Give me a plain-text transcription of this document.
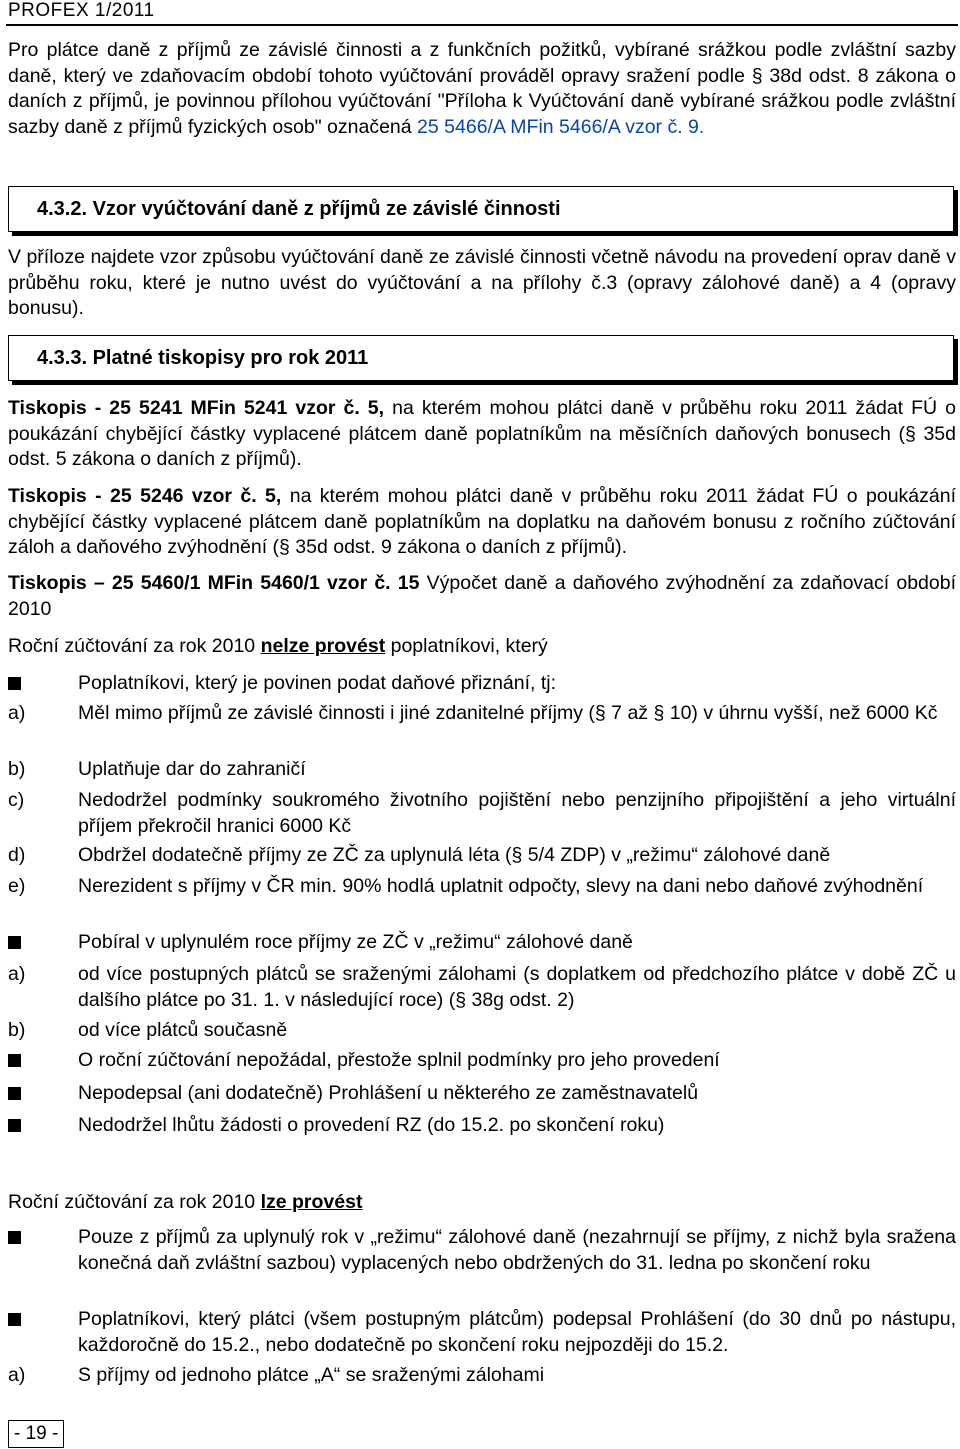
PROFEX 1/2011
Pro plátce daně z příjmů ze závislé činnosti a z funkčních požitků, vybírané srážkou podle zvláštní sazby daně, který ve zdaňovacím období tohoto vyúčtování prováděl opravy sražení podle § 38d odst. 8 zákona o daních z příjmů, je povinnou přílohou vyúčtování "Příloha k Vyúčtování daně vybírané srážkou podle zvláštní sazby daně z příjmů fyzických osob" označená 25 5466/A MFin 5466/A vzor č. 9.
4.3.2. Vzor vyúčtování daně z příjmů ze závislé činnosti
V příloze najdete vzor způsobu vyúčtování daně ze závislé činnosti včetně návodu na provedení oprav daně v průběhu roku, které je nutno uvést do vyúčtování a na přílohy č.3 (opravy zálohové daně) a 4 (opravy bonusu).
4.3.3. Platné tiskopisy pro rok 2011
Tiskopis - 25 5241 MFin 5241 vzor č. 5, na kterém mohou plátci daně v průběhu roku 2011 žádat FÚ o poukázání chybějící částky vyplacené plátcem daně poplatníkům na měsíčních daňových bonusech (§ 35d odst. 5 zákona o daních z příjmů).
Tiskopis - 25 5246 vzor č. 5, na kterém mohou plátci daně v průběhu roku 2011 žádat FÚ o poukázání chybějící částky vyplacené plátcem daně poplatníkům na doplatku na daňovém bonusu z ročního zúčtování záloh a daňového zvýhodnění (§ 35d odst. 9 zákona o daních z příjmů).
Tiskopis – 25 5460/1 MFin 5460/1 vzor č. 15 Výpočet daně a daňového zvýhodnění za zdaňovací období 2010
Roční zúčtování za rok 2010 nelze provést poplatníkovi, který
Poplatníkovi, který je povinen podat daňové přiznání, tj:
a)	Měl mimo příjmů ze závislé činnosti i jiné zdanitelné příjmy (§ 7 až § 10) v úhrnu vyšší, než 6000 Kč
b)	Uplatňuje dar do zahraničí
c)	Nedodržel podmínky soukromého životního pojištění nebo penzijního připojištění a jeho virtuální příjem překročil hranici 6000 Kč
d)	Obdržel dodatečně příjmy ze ZČ za uplynulá léta (§ 5/4 ZDP) v „režimu“ zálohové daně
e)	Nerezident s příjmy v ČR min. 90% hodlá uplatnit odpočty, slevy na dani nebo daňové zvýhodnění
Pobíral v uplynulém roce příjmy ze ZČ v „režimu“ zálohové daně
a)	od více postupných plátců se sraženými zálohami (s doplatkem od předchozího plátce v době ZČ u dalšího plátce po 31. 1. v následující roce) (§ 38g odst. 2)
b)	od více plátců současně
O roční zúčtování nepožádal, přestože splnil podmínky pro jeho provedení
Nepodepsal (ani dodatečně) Prohlášení u některého ze zaměstnavatelů
Nedodržel lhůtu žádosti o provedení RZ (do 15.2. po skončení roku)
Roční zúčtování za rok 2010 lze provést
Pouze z příjmů za uplynulý rok v „režimu“ zálohové daně (nezahrnují se příjmy, z nichž byla sražena konečná daň zvláštní sazbou) vyplacených nebo obdržených do 31. ledna po skončení roku
Poplatníkovi, který plátci (všem postupným plátcům) podepsal Prohlášení (do 30 dnů po nástupu, každoročně do 15.2., nebo dodatečně po skončení roku nejpozději do 15.2.
a)	S příjmy od jednoho plátce „A“ se sraženými zálohami
- 19 -
